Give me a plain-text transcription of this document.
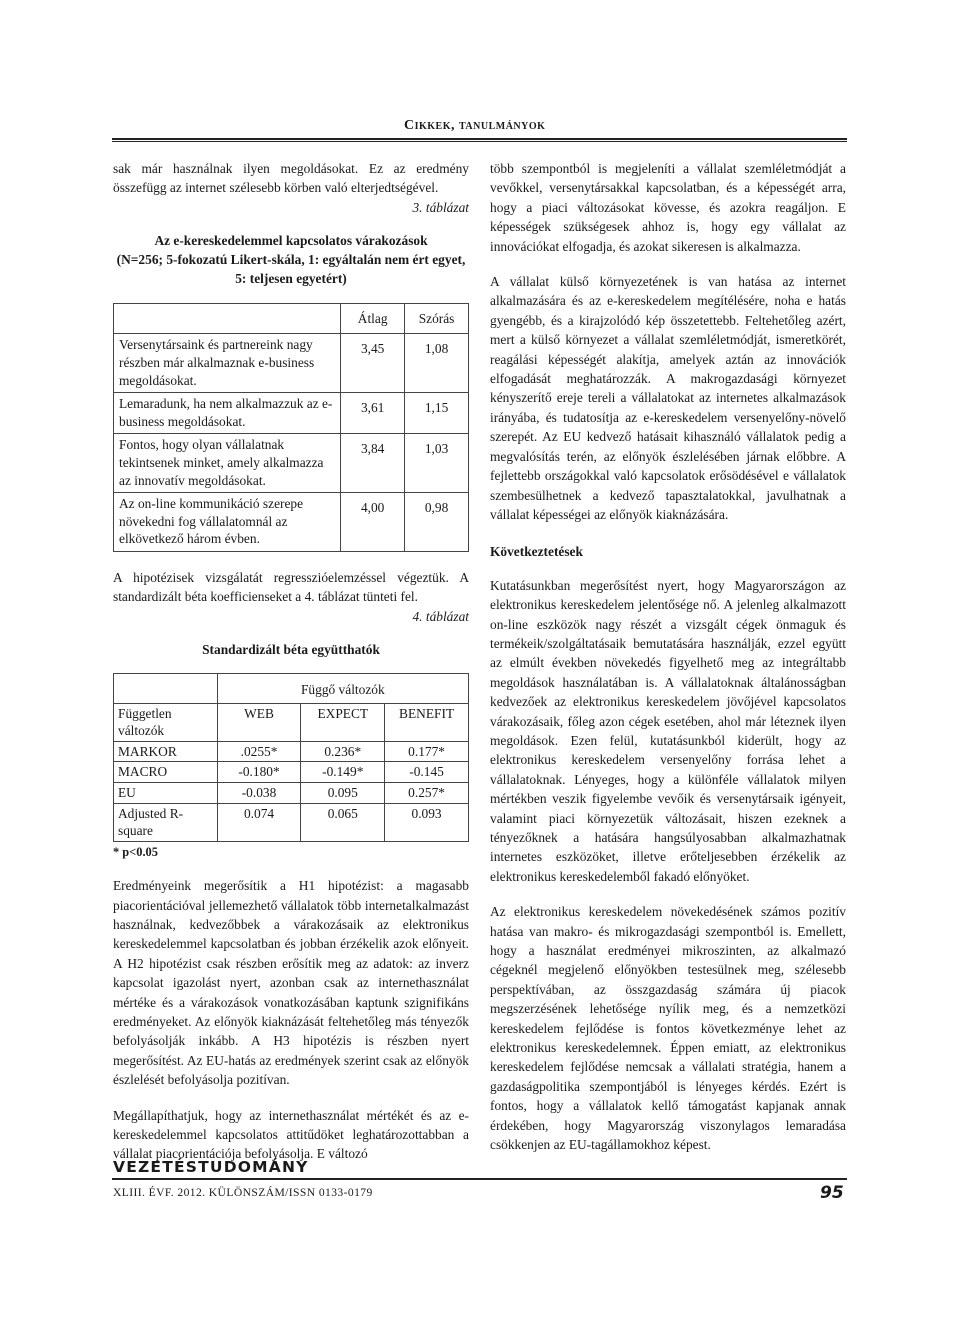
Cikkek, tanulmányok

sak már használnak ilyen megoldásokat. Ez az eredmény összefügg az internet szélesebb körben való elterjedtségével.

3. táblázat

Az e-kereskedelemmel kapcsolatos várakozások

(N=256; 5-fokozatú Likert-skála, 1: egyáltalán nem ért egyet, 5: teljesen egyetért)

	Átlag	Szórás
Versenytársaink és partnereink nagy részben már alkalmaznak e-business megoldásokat.	3,45	1,08
Lemaradunk, ha nem alkalmazzuk az e-business megoldásokat.	3,61	1,15
Fontos, hogy olyan vállalatnak tekintsenek minket, amely alkalmazza az innovatív megoldásokat.	3,84	1,03
Az on-line kommunikáció szerepe növekedni fog vállalatomnál az elkövetkező három évben.	4,00	0,98

A hipotézisek vizsgálatát regresszióelemzéssel végeztük. A standardizált béta koefficienseket a 4. táblázat tünteti fel.

4. táblázat

Standardizált béta együtthatók

	Függő változók		
Független változók	WEB	EXPECT	BENEFIT
MARKOR	.0255*	0.236*	0.177*
MACRO	-0.180*	-0.149*	-0.145
EU	-0.038	0.095	0.257*
Adjusted R-square	0.074	0.065	0.093

* p<0.05

Eredményeink megerősítik a H1 hipotézist: a magasabb piacorientációval jellemezhető vállalatok több internetalkalmazást használnak, kedvezőbbek a várakozásaik az elektronikus kereskedelemmel kapcsolatban és jobban érzékelik azok előnyeit. A H2 hipotézist csak részben erősítik meg az adatok: az inverz kapcsolat igazolást nyert, azonban csak az internethasználat mértéke és a várakozások vonatkozásában kaptunk szignifikáns eredményeket. Az előnyök kiaknázását feltehetőleg más tényezők befolyásolják inkább. A H3 hipotézis is részben nyert megerősítést. Az EU-hatás az eredmények szerint csak az előnyök észlelését befolyásolja pozitívan.

Megállapíthatjuk, hogy az internethasználat mértékét és az e-kereskedelemmel kapcsolatos attitűdöket leghatározottabban a vállalat piacorientációja befolyásolja. E változó

több szempontból is megjeleníti a vállalat szemléletmódját a vevőkkel, versenytársakkal kapcsolatban, és a képességét arra, hogy a piaci változásokat kövesse, és azokra reagáljon. E képességek szükségesek ahhoz is, hogy egy vállalat az innovációkat elfogadja, és azokat sikeresen is alkalmazza.

A vállalat külső környezetének is van hatása az internet alkalmazására és az e-kereskedelem megítélésére, noha e hatás gyengébb, és a kirajzolódó kép összetettebb. Feltehetőleg azért, mert a külső környezet a vállalat szemléletmódját, ismeretkörét, reagálási képességét alakítja, amelyek aztán az innovációk elfogadását meghatározzák. A makrogazdasági környezet kényszerítő ereje tereli a vállalatokat az internetes alkalmazások irányába, és tudatosítja az e-kereskedelem versenyelőny-növelő szerepét. Az EU kedvező hatásait kihasználó vállalatok pedig a megvalósítás terén, az előnyök észlelésében járnak előbbre. A fejlettebb országokkal való kapcsolatok erősödésével e vállalatok szembesülhetnek a kedvező tapasztalatokkal, javulhatnak a vállalat képességei az előnyök kiaknázására.

Következtetések

Kutatásunkban megerősítést nyert, hogy Magyarországon az elektronikus kereskedelem jelentősége nő. A jelenleg alkalmazott on-line eszközök nagy részét a vizsgált cégek önmaguk és termékeik/szolgáltatásaik bemutatására használják, ezzel együtt az elmúlt években növekedés figyelhető meg az integráltabb megoldások használatában is. A vállalatoknak általánosságban kedvezőek az elektronikus kereskedelem jövőjével kapcsolatos várakozásaik, főleg azon cégek esetében, ahol már léteznek ilyen megoldások. Ezen felül, kutatásunkból kiderült, hogy az elektronikus kereskedelem versenyelőny forrása lehet a vállalatoknak. Lényeges, hogy a különféle vállalatok milyen mértékben veszik figyelembe vevőik és versenytársaik igényeit, valamint piaci környezetük változásait, hiszen ezeknek a tényezőknek a hatására hangsúlyosabban alkalmazhatnak internetes eszközöket, illetve erőteljesebben érzékelik az elektronikus kereskedelemből fakadó előnyöket.

Az elektronikus kereskedelem növekedésének számos pozitív hatása van makro- és mikrogazdasági szempontból is. Emellett, hogy a használat eredményei mikroszinten, az alkalmazó cégeknél megjelenő előnyökben testesülnek meg, szélesebb perspektívában, az összgazdaság számára új piacok megszerzésének lehetősége nyílik meg, és a nemzetközi kereskedelem fejlődése is fontos következménye lehet az elektronikus kereskedelemnek. Éppen emiatt, az elektronikus kereskedelem fejlődése nemcsak a vállalati stratégia, hanem a gazdaságpolitika szempontjából is lényeges kérdés. Ezért is fontos, hogy a vállalatok kellő támogatást kapjanak annak érdekében, hogy Magyarország viszonylagos lemaradása csökkenjen az EU-tagállamokhoz képest.

VEZETÉSTUDOMÁNY
XLIII. ÉVF. 2012. KÜLÖNSZÁM/ISSN 0133-0179	95
